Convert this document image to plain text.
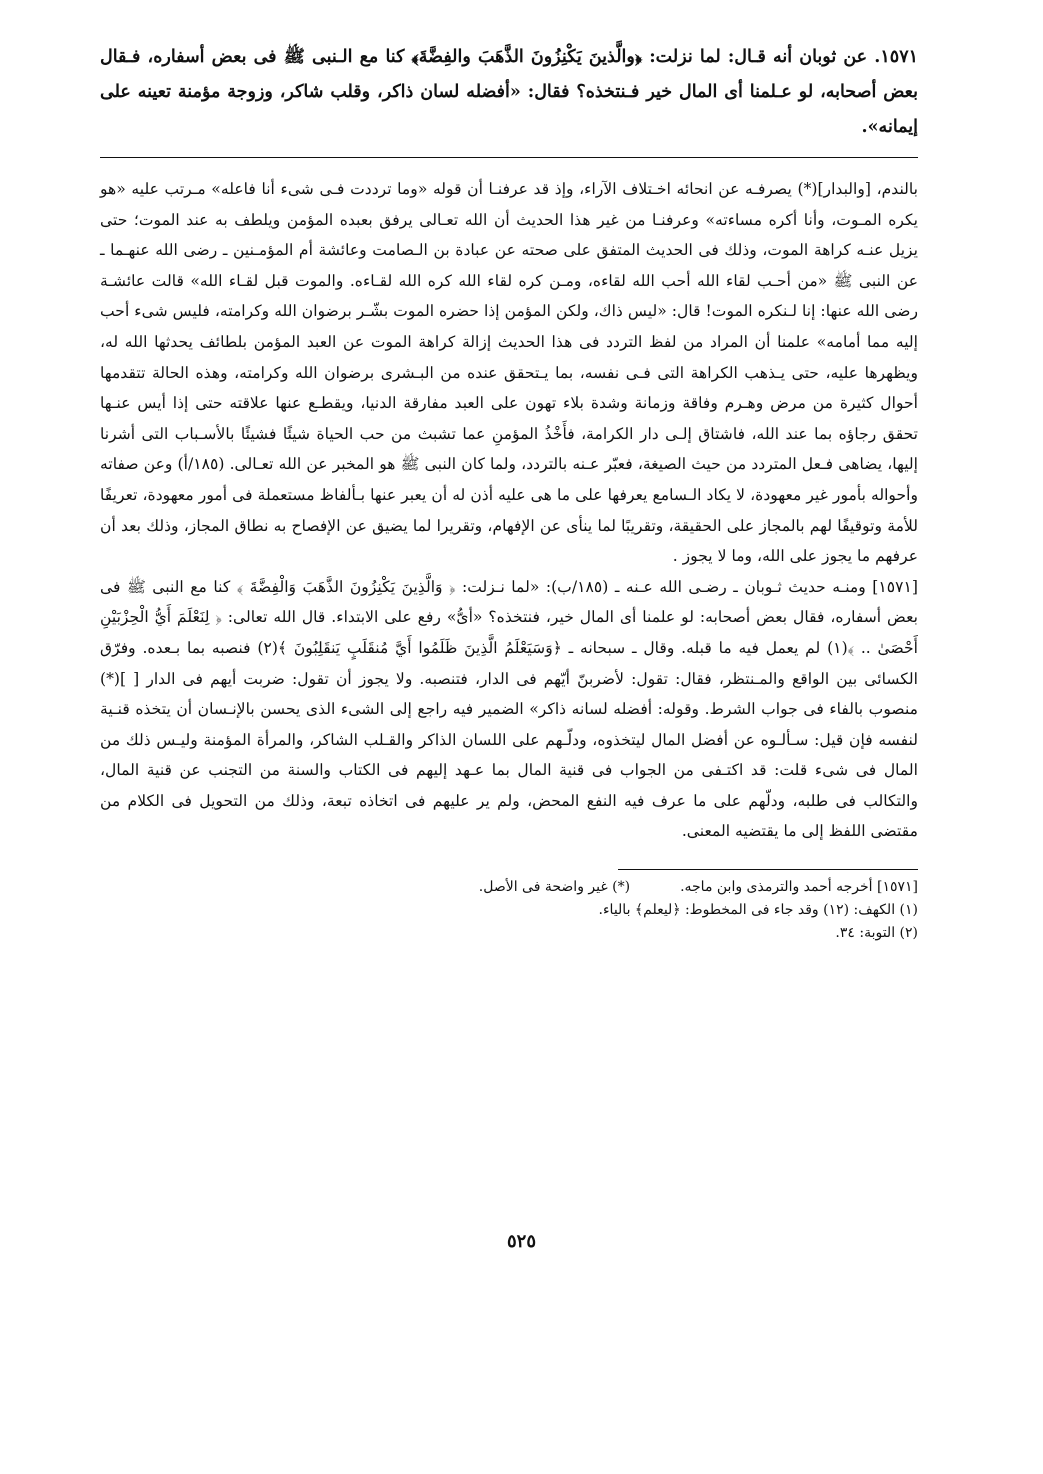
١٥٧١. عن ثوبان أنه قـال: لما نزلت: ﴿والَّذينَ يَكْنِزُونَ الذَّهَبَ والفِضَّةَ﴾ كنا مع الـنبى ﷺ فى بعض أسفاره، فـقال بعض أصحابه، لو عـلمنا أى المال خير فـنتخذه؟ فقال: «أفضله لسان ذاكر، وقلب شاكر، وزوجة مؤمنة تعينه على إيمانه».

بالندم، [والبدار](*) يصرفـه عن انحائه اخـتلاف الآراء، وإذ قد عرفنـا أن قوله «وما ترددت فـى شىء أنا فاعله» مـرتب عليه «هو يكره المـوت، وأنا أكره مساءته» وعرفنـا من غير هذا الحديث أن الله تعـالى يرفق بعبده المؤمن ويلطف به عند الموت؛ حتى يزيل عنـه كراهة الموت، وذلك فى الحديث المتفق على صحته عن عبادة بن الـصامت وعائشة أم المؤمـنين ـ رضى الله عنهـما ـ عن النبى ﷺ «من أحـب لقاء الله أحب الله لقاءه، ومـن كره لقاء الله كره الله لقـاءه. والموت قبل لقـاء الله» قالت عائشـة رضى الله عنها: إنا لـنكره الموت! قال: «ليس ذاك، ولكن المؤمن إذا حضره الموت بشّـر برضوان الله وكرامته، فليس شىء أحب إليه مما أمامه» علمنا أن المراد من لفظ التردد فى هذا الحديث إزالة كراهة الموت عن العبد المؤمن بلطائف يحدثها الله له، ويظهرها عليه، حتى يـذهب الكراهة التى فـى نفسه، بما يـتحقق عنده من البـشرى برضوان الله وكرامته، وهذه الحالة تتقدمها أحوال كثيرة من مرض وهـرم وفاقة وزمانة وشدة بلاء تهون على العبد مفارقة الدنيا، ويقطـع عنها علاقته حتى إذا أيس عنـها تحقق رجاؤه بما عند الله، فاشتاق إلـى دار الكرامة، فأَخْذُ المؤمنِ عما تشبث من حب الحياة شيئًا فشيئًا بالأسـباب التى أشرنا إليها، يضاهى فـعل المتردد من حيث الصيغة، فعبّر عـنه بالتردد، ولما كان النبى ﷺ هو المخبر عن الله تعـالى. (١٨٥/أ) وعن صفاته وأحواله بأمور غير معهودة، لا يكاد الـسامع يعرفها على ما هى عليه أذن له أن يعبر عنها بـألفاظ مستعملة فى أمور معهودة، تعريفًا للأمة وتوقيفًا لهم بالمجاز على الحقيقة، وتقريبًا لما ينأى عن الإفهام، وتقريرا لما يضيق عن الإفصاح به نطاق المجاز، وذلك بعد أن عرفهم ما يجوز على الله، وما لا يجوز .

[١٥٧١] ومنـه حديث ثـوبان ـ رضـى الله عـنه ـ (١٨٥/ب): «لما نـزلت: ﴿ وَالَّذِينَ يَكْنِزُونَ الذَّهَبَ وَالْفِضَّةَ ﴾ كنا مع النبى ﷺ فى بعض أسفاره، فقال بعض أصحابه: لو علمنا أى المال خير، فنتخذه؟ «أىُّ» رفع على الابتداء. قال الله تعالى: ﴿ لِنَعْلَمَ أَيُّ الْحِزْبَيْنِ أَحْصَىٰ .. ﴾(١) لم يعمل فيه ما قبله. وقال ـ سبحانه ـ ﴿وَسَيَعْلَمُ الَّذِينَ ظَلَمُوا أَيَّ مُنقَلَبٍ يَنقَلِبُونَ ﴾(٢) فنصبه بما بـعده. وفرّق الكسائى بين الواقع والمـنتظر، فقال: تقول: لأضربنّ أيّهم فى الدار، فتنصبه. ولا يجوز أن تقول: ضربت أيهم فى الدار [ ](*) منصوب بالفاء فى جواب الشرط. وقوله: أفضله لسانه ذاكر» الضمير فيه راجع إلى الشىء الذى يحسن بالإنـسان أن يتخذه قنـية لنفسه فإن قيل: سـألـوه عن أفضل المال ليتخذوه، ودلّـهم على اللسان الذاكر والقـلب الشاكر، والمرأة المؤمنة وليـس ذلك من المال فى شىء قلت: قد اكتـفى من الجواب فى قنية المال بما عـهد إليهم فى الكتاب والسنة من التجنب عن قنية المال، والتكالب فى طلبه، ودلّهم على ما عرف فيه النفع المحض، ولم ير عليهم فى اتخاذه تبعة، وذلك من التحويل فى الكلام من مقتضى اللفظ إلى ما يقتضيه المعنى.

[١٥٧١] أخرجه أحمد والترمذى وابن ماجه.
(*) غير واضحة فى الأصل.
(١) الكهف: (١٢) وقد جاء فى المخطوط: ﴿ليعلم﴾ بالياء.
(٢) التوبة: ٣٤.
٥٢٥
